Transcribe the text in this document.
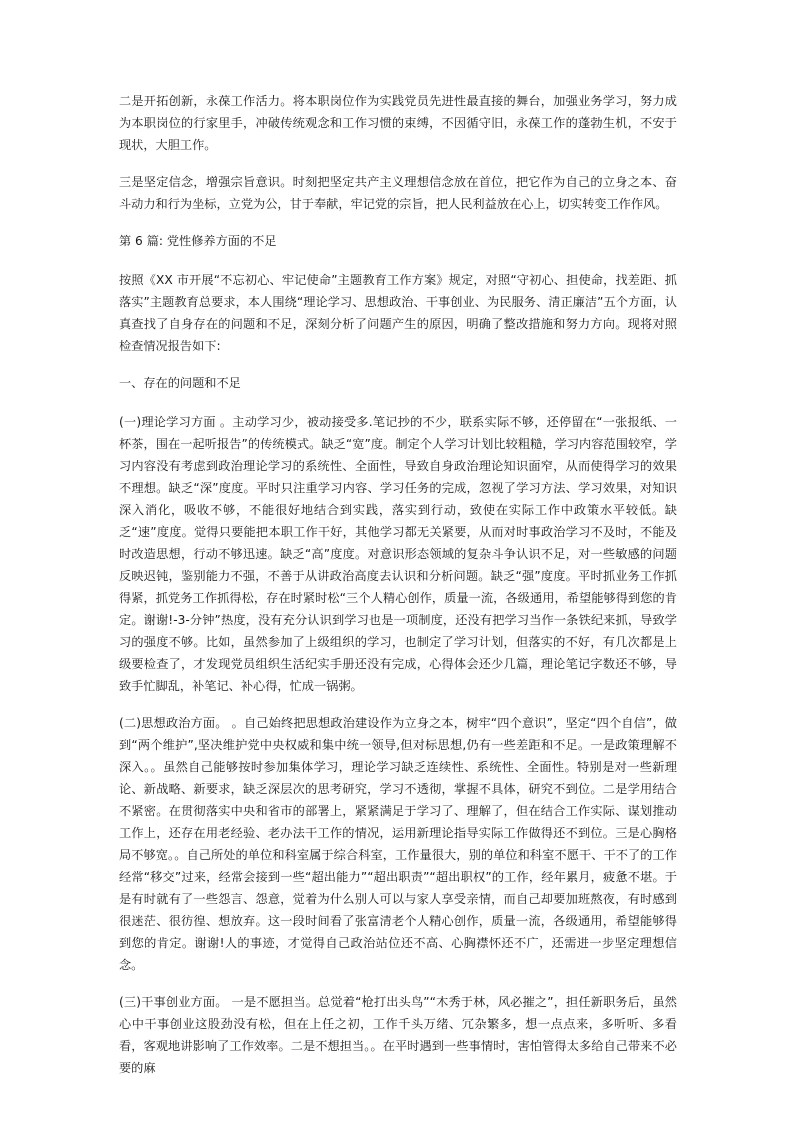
二是开拓创新，永葆工作活力。将本职岗位作为实践党员先进性最直接的舞台，加强业务学习，努力成为本职岗位的行家里手，冲破传统观念和工作习惯的束缚，不因循守旧，永葆工作的蓬勃生机，不安于现状，大胆工作。

三是坚定信念，增强宗旨意识。时刻把坚定共产主义理想信念放在首位，把它作为自己的立身之本、奋斗动力和行为坐标，立党为公，甘于奉献，牢记党的宗旨，把人民利益放在心上，切实转变工作作风。

第 6 篇: 党性修养方面的不足

按照《XX 市开展“不忘初心、牢记使命”主题教育工作方案》规定，对照“守初心、担使命，找差距、抓落实”主题教育总要求，本人围绕“理论学习、思想政治、干事创业、为民服务、清正廉洁”五个方面，认真查找了自身存在的问题和不足，深刻分析了问题产生的原因，明确了整改措施和努力方向。现将对照检查情况报告如下:

一、存在的问题和不足

(一)理论学习方面 。主动学习少，被动接受多.笔记抄的不少，联系实际不够，还停留在“一张报纸、一杯茶，围在一起听报告”的传统模式。缺乏“宽”度。制定个人学习计划比较粗糙，学习内容范围较窄，学习内容没有考虑到政治理论学习的系统性、全面性，导致自身政治理论知识面窄，从而使得学习的效果不理想。缺乏“深”度度。平时只注重学习内容、学习任务的完成，忽视了学习方法、学习效果，对知识深入消化，吸收不够，不能很好地结合到实践，落实到行动，致使在实际工作中政策水平较低。缺乏“速”度度。觉得只要能把本职工作干好，其他学习都无关紧要，从而对时事政治学习不及时，不能及时改造思想，行动不够迅速。缺乏“高”度度。对意识形态领域的复杂斗争认识不足，对一些敏感的问题反映迟钝，鉴别能力不强，不善于从讲政治高度去认识和分析问题。缺乏“强”度度。平时抓业务工作抓得紧，抓党务工作抓得松，存在时紧时松“三个人精心创作，质量一流，各级通用，希望能够得到您的肯定。谢谢!-3-分钟”热度，没有充分认识到学习也是一项制度，还没有把学习当作一条铁纪来抓，导致学习的强度不够。比如，虽然参加了上级组织的学习，也制定了学习计划，但落实的不好，有几次都是上级要检查了，才发现党员组织生活纪实手册还没有完成，心得体会还少几篇，理论笔记字数还不够，导致手忙脚乱，补笔记、补心得，忙成一锅粥。

(二)思想政治方面。 。自己始终把思想政治建设作为立身之本，树牢“四个意识”，坚定“四个自信”，做到“两个维护”,坚决维护党中央权威和集中统一领导,但对标思想,仍有一些差距和不足。一是政策理解不深入。。虽然自己能够按时参加集体学习，理论学习缺乏连续性、系统性、全面性。特别是对一些新理论、新战略、新要求，缺乏深层次的思考研究，学习不透彻，掌握不具体，研究不到位。二是学用结合不紧密。在贯彻落实中央和省市的部署上，紧紧满足于学习了、理解了，但在结合工作实际、谋划推动工作上，还存在用老经验、老办法干工作的情况，运用新理论指导实际工作做得还不到位。三是心胸格局不够宽。。自己所处的单位和科室属于综合科室，工作量很大，别的单位和科室不愿干、干不了的工作经常“移交”过来，经常会接到一些“超出能力”“超出职责”“超出职权”的工作，经年累月，疲惫不堪。于是有时就有了一些怨言、怨意，觉着为什么别人可以与家人享受亲情，而自己却要加班熬夜，有时感到很迷茫、很彷徨、想放弃。这一段时间看了张富清老个人精心创作，质量一流，各级通用，希望能够得到您的肯定。谢谢!人的事迹，才觉得自己政治站位还不高、心胸襟怀还不广，还需进一步坚定理想信念。

(三)干事创业方面。 一是不愿担当。总觉着“枪打出头鸟”“木秀于林，风必摧之”，担任新职务后，虽然心中干事创业这股劲没有松，但在上任之初，工作千头万绪、冗杂繁多，想一点点来，多听听、多看看，客观地讲影响了工作效率。二是不想担当。。在平时遇到一些事情时，害怕管得太多给自己带来不必要的麻
